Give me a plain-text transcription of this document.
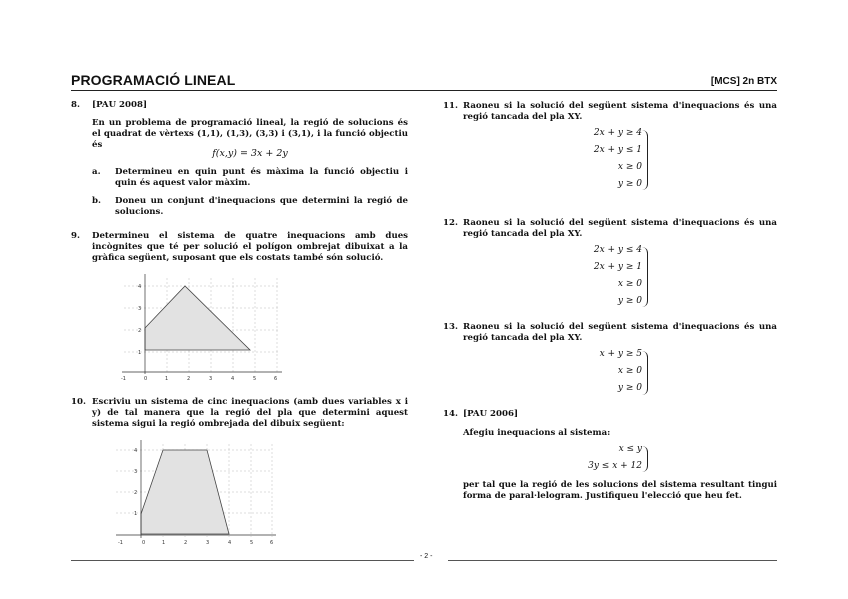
PROGRAMACIÓ LINEAL	[MCS] 2n BTX
8. [PAU 2008]
En un problema de programació lineal, la regió de solucions és el quadrat de vèrtexs (1,1), (1,3), (3,3) i (3,1), i la funció objectiu és
f(x,y) = 3x + 2y
a. Determineu en quin punt és màxima la funció objectiu i quin és aquest valor màxim.
b. Doneu un conjunt d'inequacions que determini la regió de solucions.
9. Determineu el sistema de quatre inequacions amb dues incògnites que té per solució el polígon ombrejat dibuixat a la gràfica següent, suposant que els costats també són solució.
-1	0	1	2	3	4	5	6
1
2
3
4
10. Escriviu un sistema de cinc inequacions (amb dues variables x i y) de tal manera que la regió del pla que determini aquest sistema sigui la regió ombrejada del dibuix següent:
-1	0	1	2	3	4	5	6
1
2
3
4
11. Raoneu si la solució del següent sistema d'inequacions és una regió tancada del pla XY.
2x + y ≥ 4
2x + y ≤ 1
x ≥ 0
y ≥ 0
12. Raoneu si la solució del següent sistema d'inequacions és una regió tancada del pla XY.
2x + y ≤ 4
2x + y ≥ 1
x ≥ 0
y ≥ 0
13. Raoneu si la solució del següent sistema d'inequacions és una regió tancada del pla XY.
x + y ≥ 5
x ≥ 0
y ≥ 0
14. [PAU 2006]
Afegiu inequacions al sistema:
x ≤ y
3y ≤ x + 12
per tal que la regió de les solucions del sistema resultant tingui forma de paral·lelogram. Justifiqueu l'elecció que heu fet.
- 2 -
